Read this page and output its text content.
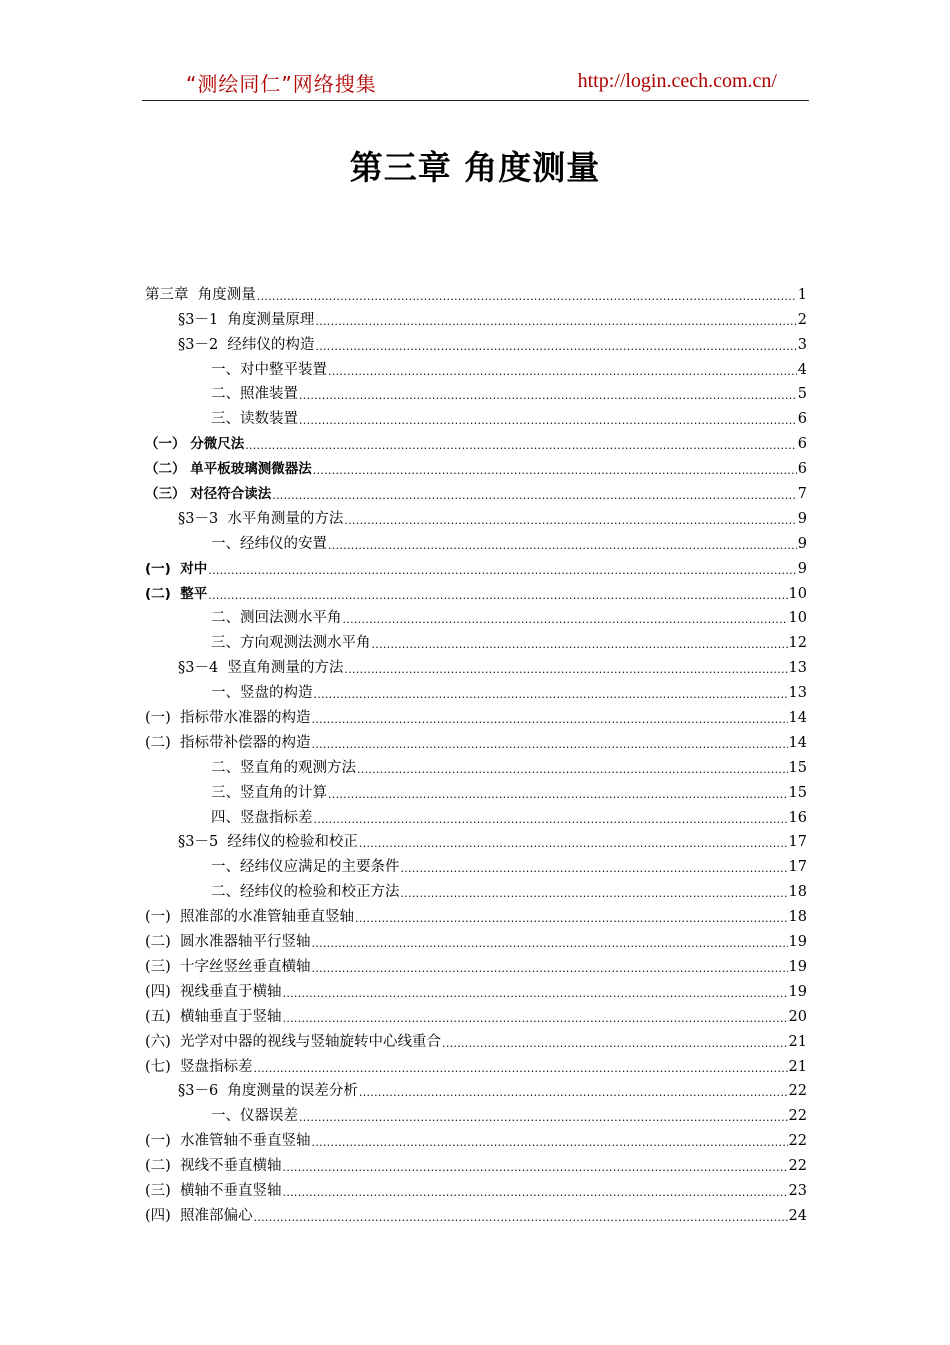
“测绘同仁”网络搜集	http://login.cech.com.cn/
第三章 角度测量
第三章  角度测量 .....	1
§3－1  角度测量原理 .....	2
§3－2  经纬仪的构造 .....	3
一、对中整平装置 .....	4
二、照准装置 .....	5
三、读数装置 .....	6
（一） 分微尺法 .....	6
（二） 单平板玻璃测微器法 .....	6
（三） 对径符合读法 .....	7
§3－3  水平角测量的方法 .....	9
一、经纬仪的安置 .....	9
(一)  对中 .....	9
(二)  整平 .....	10
二、测回法测水平角 .....	10
三、方向观测法测水平角 .....	12
§3－4  竖直角测量的方法 .....	13
一、竖盘的构造 .....	13
(一)  指标带水准器的构造 .....	14
(二)  指标带补偿器的构造 .....	14
二、竖直角的观测方法 .....	15
三、竖直角的计算 .....	15
四、竖盘指标差 .....	16
§3－5  经纬仪的检验和校正 .....	17
一、经纬仪应满足的主要条件 .....	17
二、经纬仪的检验和校正方法 .....	18
(一)  照准部的水准管轴垂直竖轴 .....	18
(二)  圆水准器轴平行竖轴 .....	19
(三)  十字丝竖丝垂直横轴 .....	19
(四)  视线垂直于横轴 .....	19
(五)  横轴垂直于竖轴 .....	20
(六)  光学对中器的视线与竖轴旋转中心线重合 .....	21
(七)  竖盘指标差 .....	21
§3－6  角度测量的误差分析 .....	22
一、仪器误差 .....	22
(一)  水准管轴不垂直竖轴 .....	22
(二)  视线不垂直横轴 .....	22
(三)  横轴不垂直竖轴 .....	23
(四)  照准部偏心 .....	24
